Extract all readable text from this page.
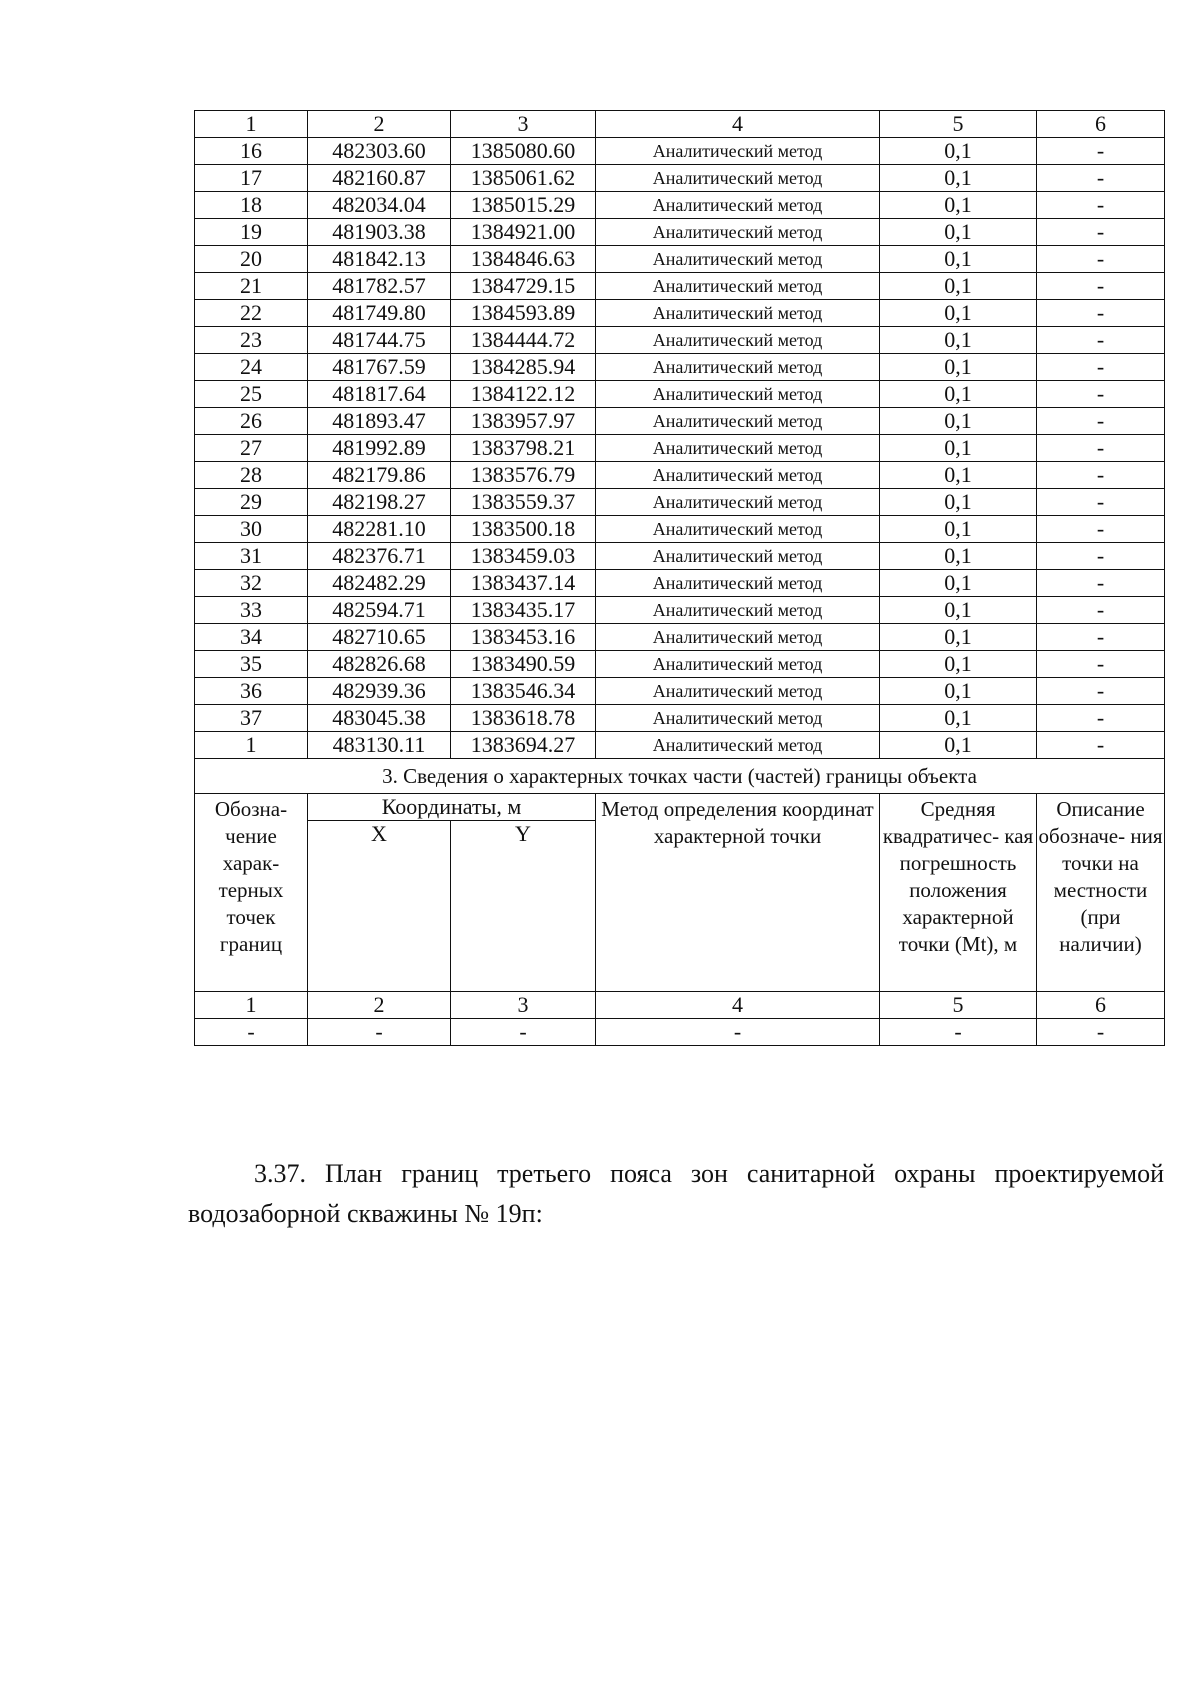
1	2	3	4	5	6
16	482303.60	1385080.60	Аналитический метод	0,1	-
17	482160.87	1385061.62	Аналитический метод	0,1	-
18	482034.04	1385015.29	Аналитический метод	0,1	-
19	481903.38	1384921.00	Аналитический метод	0,1	-
20	481842.13	1384846.63	Аналитический метод	0,1	-
21	481782.57	1384729.15	Аналитический метод	0,1	-
22	481749.80	1384593.89	Аналитический метод	0,1	-
23	481744.75	1384444.72	Аналитический метод	0,1	-
24	481767.59	1384285.94	Аналитический метод	0,1	-
25	481817.64	1384122.12	Аналитический метод	0,1	-
26	481893.47	1383957.97	Аналитический метод	0,1	-
27	481992.89	1383798.21	Аналитический метод	0,1	-
28	482179.86	1383576.79	Аналитический метод	0,1	-
29	482198.27	1383559.37	Аналитический метод	0,1	-
30	482281.10	1383500.18	Аналитический метод	0,1	-
31	482376.71	1383459.03	Аналитический метод	0,1	-
32	482482.29	1383437.14	Аналитический метод	0,1	-
33	482594.71	1383435.17	Аналитический метод	0,1	-
34	482710.65	1383453.16	Аналитический метод	0,1	-
35	482826.68	1383490.59	Аналитический метод	0,1	-
36	482939.36	1383546.34	Аналитический метод	0,1	-
37	483045.38	1383618.78	Аналитический метод	0,1	-
1	483130.11	1383694.27	Аналитический метод	0,1	-
3. Сведения о характерных точках части (частей) границы объекта					
Обозна- чение харак- терных точек границ	Координаты, м		Метод определения координат характерной точки	Средняя квадратичес- кая погрешность положения характерной точки (Mt), м	Описание обозначе- ния точки на местности (при наличии)
	X	Y			
1	2	3	4	5	6
-	-	-	-	-	-

3.37. План границ третьего пояса зон санитарной охраны проектируемой водозаборной скважины № 19п:
